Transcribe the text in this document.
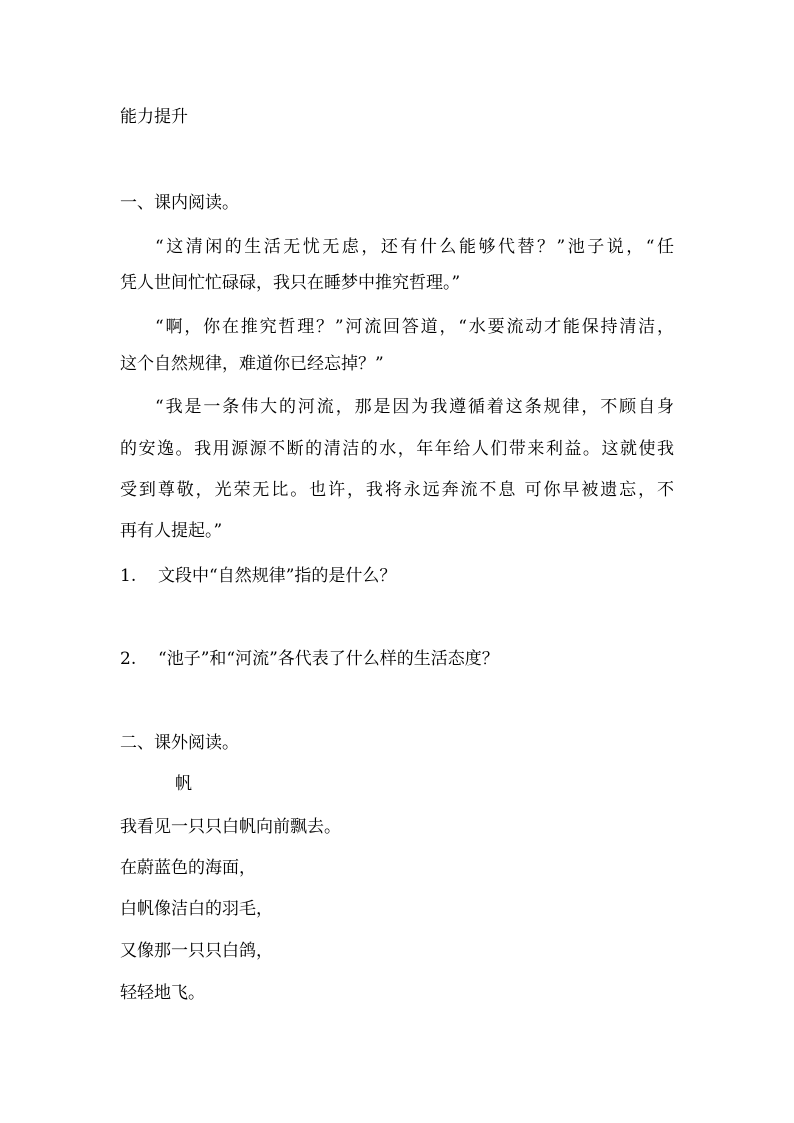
能力提升
一、课内阅读。
“这清闲的生活无忧无虑，还有什么能够代替？”池子说，“任
凭人世间忙忙碌碌，我只在睡梦中推究哲理。”
“啊，你在推究哲理？”河流回答道，“水要流动才能保持清洁，
这个自然规律，难道你已经忘掉？”
“我是一条伟大的河流，那是因为我遵循着这条规律，不顾自身
的安逸。我用源源不断的清洁的水，年年给人们带来利益。这就使我
受到尊敬，光荣无比。也许，我将永远奔流不息 可你早被遗忘，不
再有人提起。”
1. 文段中“自然规律”指的是什么？
2. “池子”和“河流”各代表了什么样的生活态度？
二、课外阅读。
帆
我看见一只只白帆向前飘去。
在蔚蓝色的海面，
白帆像洁白的羽毛，
又像那一只只白鸽，
轻轻地飞。
